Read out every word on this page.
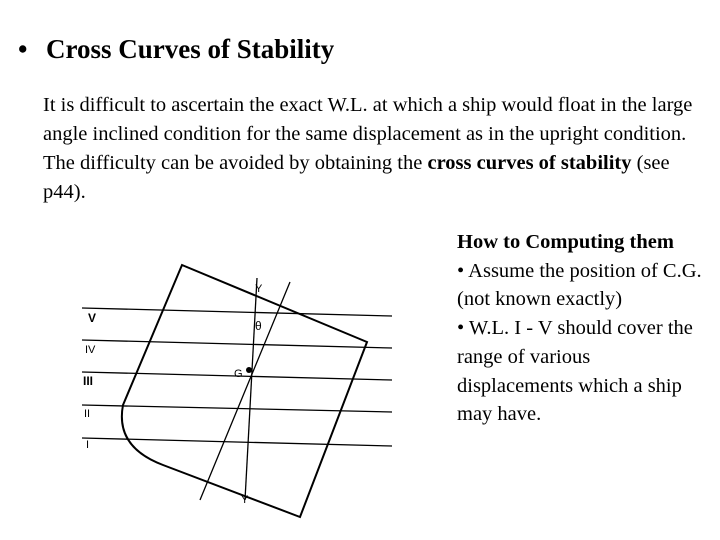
• Cross Curves of Stability
It is difficult to ascertain the exact W.L. at which a ship would float in the large angle inclined condition for the same displacement as in the upright condition. The difficulty can be avoided by obtaining the cross curves of stability (see p44).
V
IV
III
II
I
Y
θ
G
Y
How to Computing them
• Assume the position of C.G. (not known exactly)
• W.L. I - V should cover the range of various displacements which a ship may have.
